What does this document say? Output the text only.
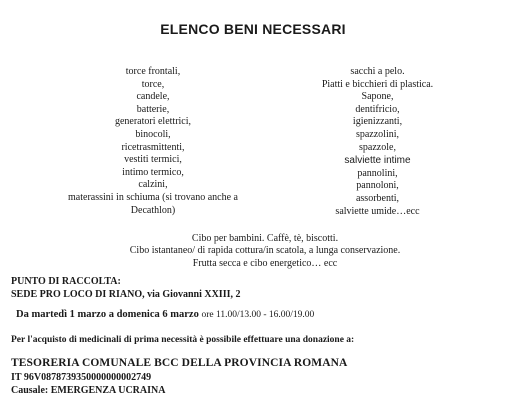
ELENCO BENI NECESSARI
torce frontali,
torce,
candele,
batterie,
generatori elettrici,
binocoli,
ricetrasmittenti,
vestiti termici,
intimo termico,
calzini,
materassini in schiuma (si trovano anche a
Decathlon)
sacchi a pelo.
Piatti e bicchieri di plastica.
Sapone,
dentifricio,
igienizzanti,
spazzolini,
spazzole,
salviette intime
pannolini,
pannoloni,
assorbenti,
salviette umide…ecc
Cibo per bambini. Caffè, tè, biscotti.
Cibo istantaneo/ di rapida cottura/in scatola, a lunga conservazione.
Frutta secca e cibo energetico… ecc
PUNTO DI RACCOLTA:
SEDE PRO LOCO DI RIANO, via Giovanni XXIII, 2
Da martedì 1 marzo a domenica 6 marzo ore 11.00/13.00 - 16.00/19.00
Per l'acquisto di medicinali di prima necessità è possibile effettuare una donazione a:
TESORERIA COMUNALE BCC DELLA PROVINCIA ROMANA
IT 96V0878739350000000002749
Causale: EMERGENZA UCRAINA
